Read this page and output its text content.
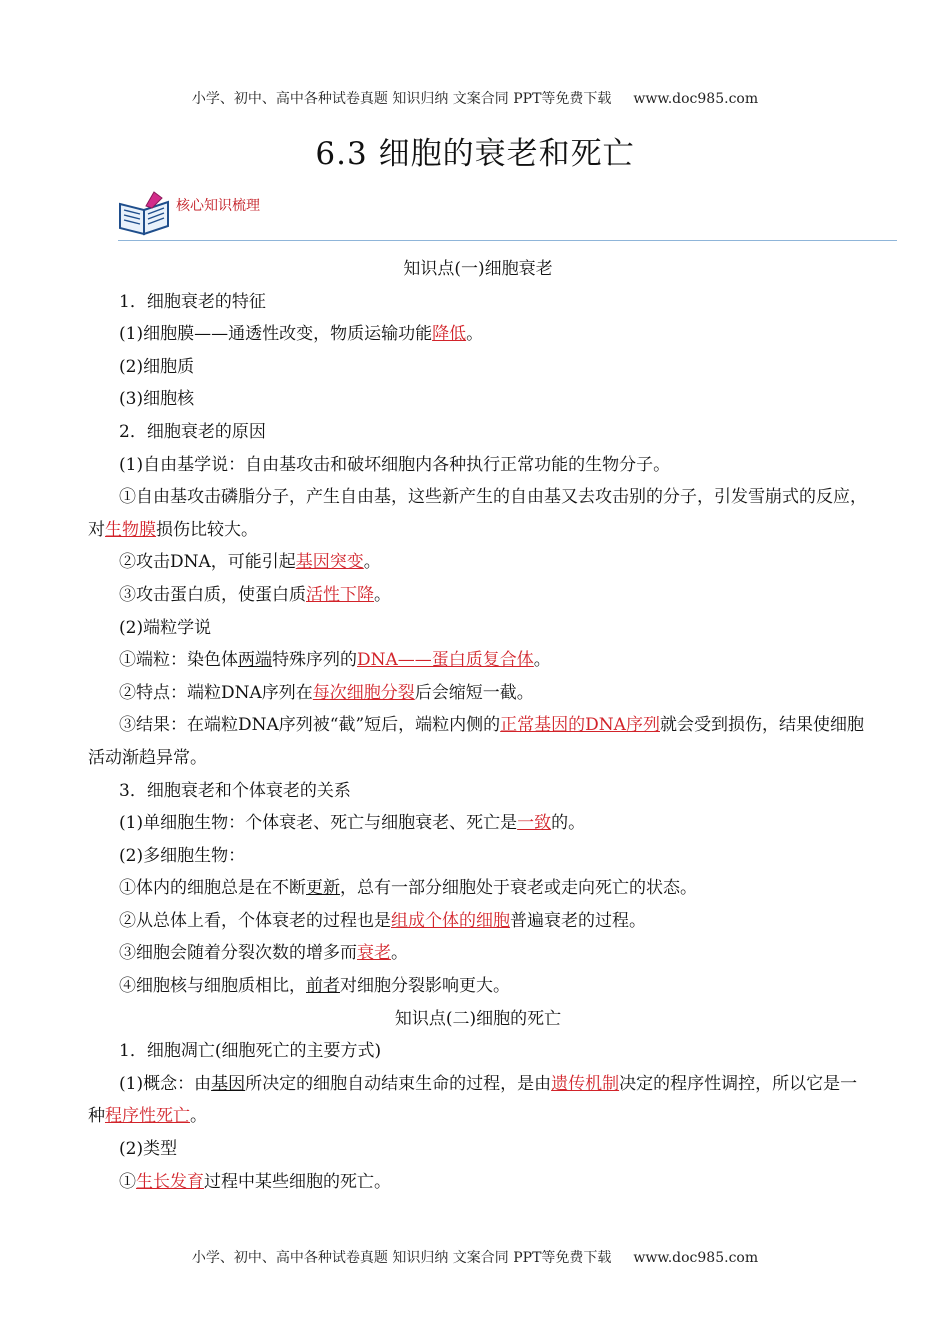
小学、初中、高中各种试卷真题 知识归纳 文案合同 PPT等免费下载 www.doc985.com
6.3 细胞的衰老和死亡
核心知识梳理
知识点(一)细胞衰老
1．细胞衰老的特征
(1)细胞膜——通透性改变，物质运输功能降低。
(2)细胞质
(3)细胞核
2．细胞衰老的原因
(1)自由基学说：自由基攻击和破坏细胞内各种执行正常功能的生物分子。
①自由基攻击磷脂分子，产生自由基，这些新产生的自由基又去攻击别的分子，引发雪崩式的反应，对生物膜损伤比较大。
②攻击DNA，可能引起基因突变。
③攻击蛋白质，使蛋白质活性下降。
(2)端粒学说
①端粒：染色体两端特殊序列的DNA——蛋白质复合体。
②特点：端粒DNA序列在每次细胞分裂后会缩短一截。
③结果：在端粒DNA序列被“截”短后，端粒内侧的正常基因的DNA序列就会受到损伤，结果使细胞活动渐趋异常。
3．细胞衰老和个体衰老的关系
(1)单细胞生物：个体衰老、死亡与细胞衰老、死亡是一致的。
(2)多细胞生物：
①体内的细胞总是在不断更新，总有一部分细胞处于衰老或走向死亡的状态。
②从总体上看，个体衰老的过程也是组成个体的细胞普遍衰老的过程。
③细胞会随着分裂次数的增多而衰老。
④细胞核与细胞质相比，前者对细胞分裂影响更大。
知识点(二)细胞的死亡
1．细胞凋亡(细胞死亡的主要方式)
(1)概念：由基因所决定的细胞自动结束生命的过程，是由遗传机制决定的程序性调控，所以它是一种程序性死亡。
(2)类型
①生长发育过程中某些细胞的死亡。
小学、初中、高中各种试卷真题 知识归纳 文案合同 PPT等免费下载 www.doc985.com
